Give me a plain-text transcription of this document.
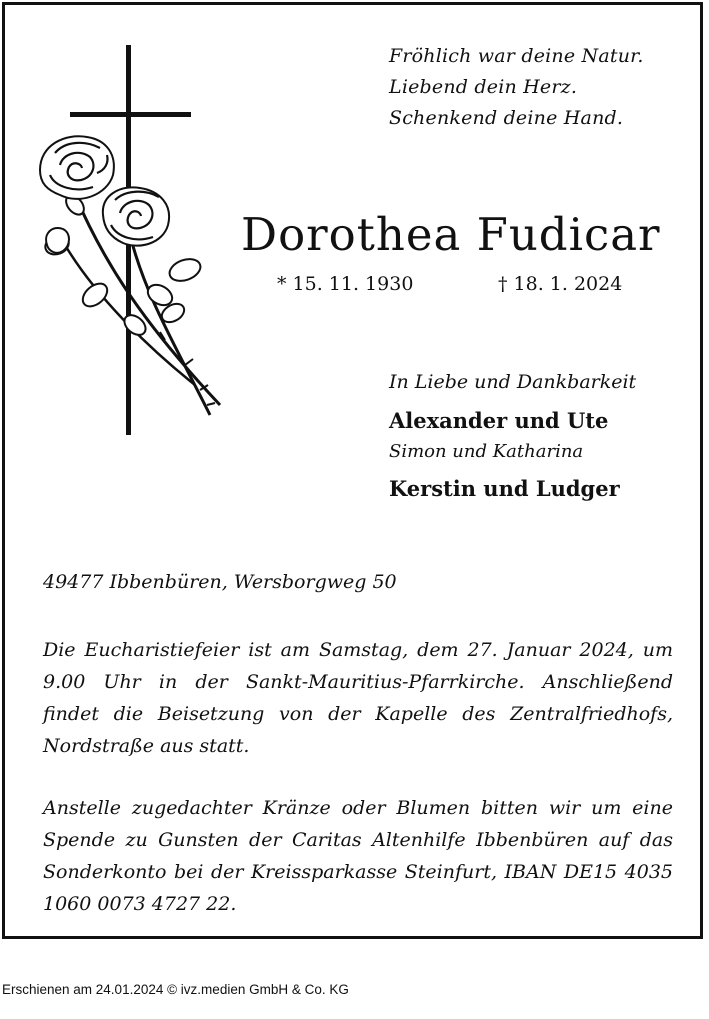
Fröhlich war deine Natur.
Liebend dein Herz.
Schenkend deine Hand.
Dorothea Fudicar
* 15. 11. 1930	† 18. 1. 2024
In Liebe und Dankbarkeit
Alexander und Ute
Simon und Katharina
Kerstin und Ludger
49477 Ibbenbüren, Wersborgweg 50
Die Eucharistiefeier ist am Samstag, dem 27. Januar 2024, um 9.00 Uhr in der Sankt-Mauritius-Pfarrkirche. Anschließend findet die Beisetzung von der Kapelle des Zentralfriedhofs, Nordstraße aus statt.
Anstelle zugedachter Kränze oder Blumen bitten wir um eine Spende zu Gunsten der Caritas Altenhilfe Ibbenbüren auf das Sonderkonto bei der Kreissparkasse Steinfurt, IBAN DE15 4035 1060 0073 4727 22.
Erschienen am 24.01.2024 © ivz.medien GmbH & Co. KG
